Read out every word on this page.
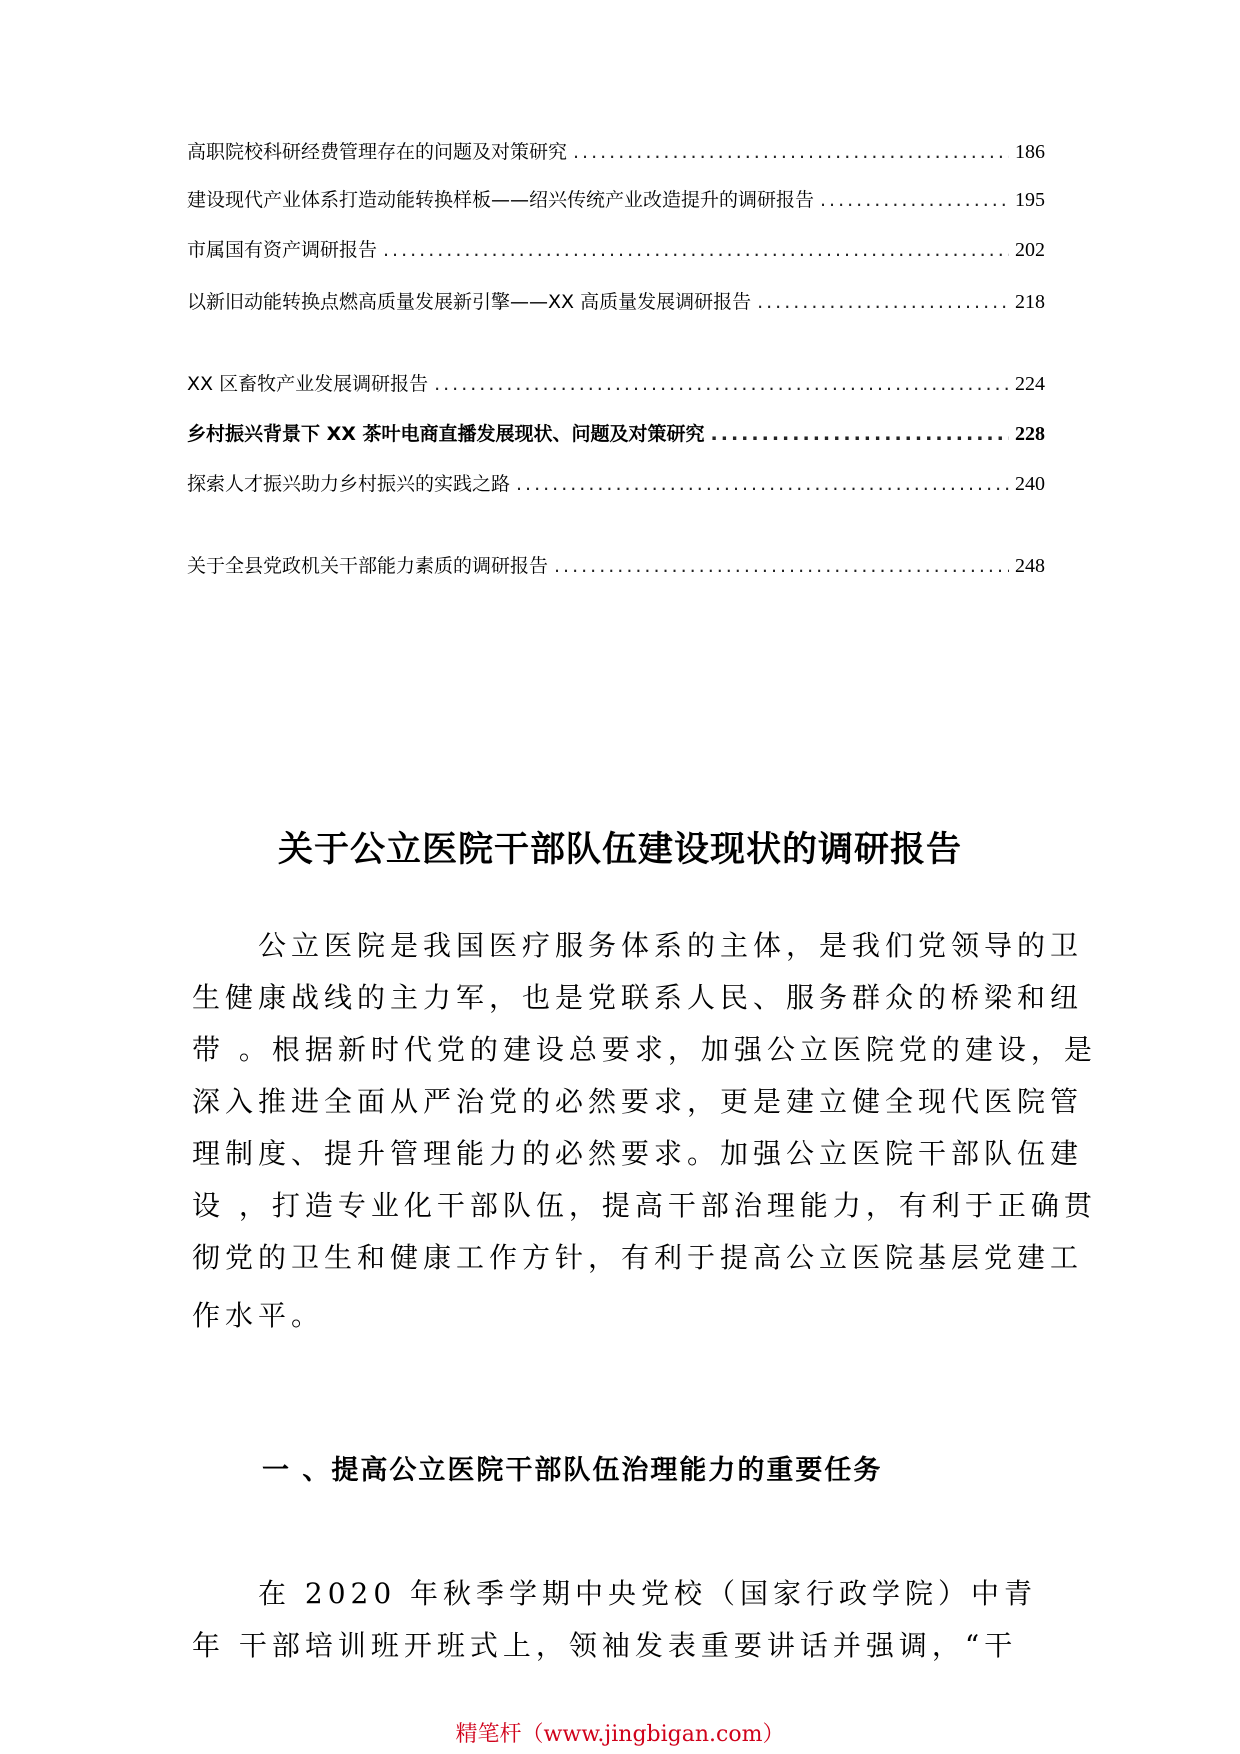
高职院校科研经费管理存在的问题及对策研究 .....	186
建设现代产业体系打造动能转换样板——绍兴传统产业改造提升的调研报告 .....	195
市属国有资产调研报告 .....	202
以新旧动能转换点燃高质量发展新引擎——XX 高质量发展调研报告 .....	218
XX 区畜牧产业发展调研报告 .....	224
乡村振兴背景下 XX 茶叶电商直播发展现状、问题及对策研究 .....	228
探索人才振兴助力乡村振兴的实践之路 .....	240
关于全县党政机关干部能力素质的调研报告 .....	248
关于公立医院干部队伍建设现状的调研报告
　　公立医院是我国医疗服务体系的主体，是我们党领导的卫
生健康战线的主力军，也是党联系人民、服务群众的桥梁和纽
带 。根据新时代党的建设总要求，加强公立医院党的建设，是
深入推进全面从严治党的必然要求，更是建立健全现代医院管
理制度、提升管理能力的必然要求。加强公立医院干部队伍建
设 ，打造专业化干部队伍，提高干部治理能力，有利于正确贯
彻党的卫生和健康工作方针，有利于提高公立医院基层党建工
作水平。
一 、提高公立医院干部队伍治理能力的重要任务
　　在 2020 年秋季学期中央党校（国家行政学院）中青
年 干部培训班开班式上，领袖发表重要讲话并强调，“干
精笔杆（www.jingbigan.com）
